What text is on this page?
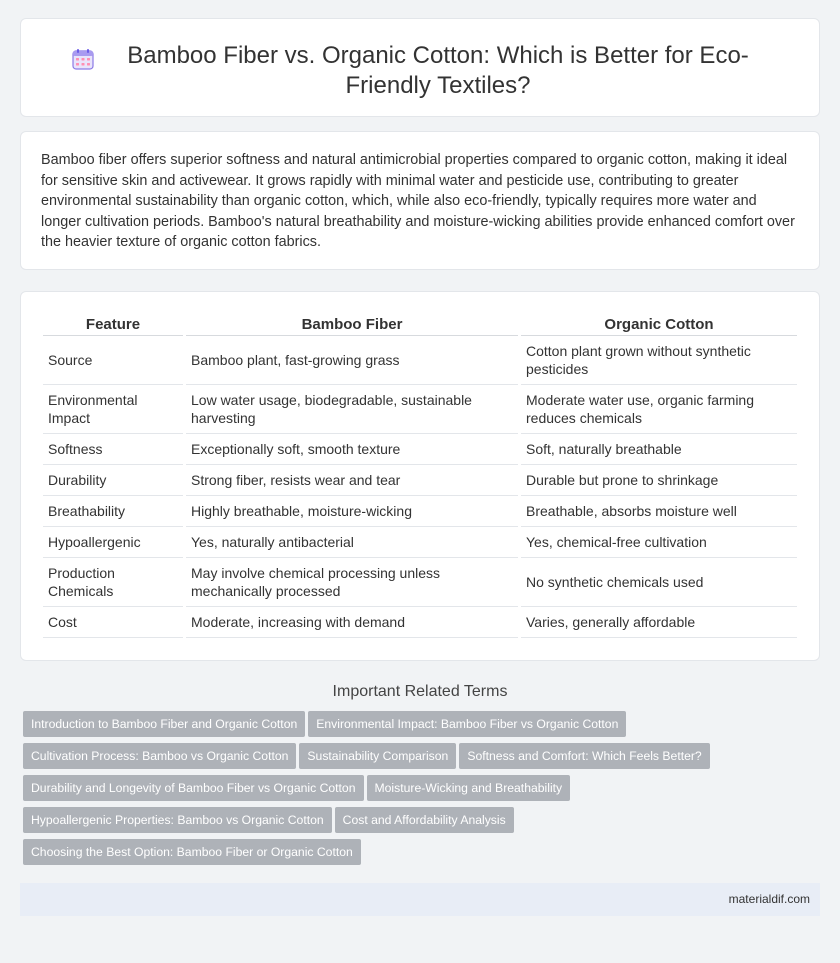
Bamboo Fiber vs. Organic Cotton: Which is Better for Eco-Friendly Textiles?

Bamboo fiber offers superior softness and natural antimicrobial properties compared to organic cotton, making it ideal for sensitive skin and activewear. It grows rapidly with minimal water and pesticide use, contributing to greater environmental sustainability than organic cotton, which, while also eco-friendly, typically requires more water and longer cultivation periods. Bamboo's natural breathability and moisture-wicking abilities provide enhanced comfort over the heavier texture of organic cotton fabrics.

Feature	Bamboo Fiber	Organic Cotton
Source	Bamboo plant, fast-growing grass	Cotton plant grown without synthetic pesticides
Environmental Impact	Low water usage, biodegradable, sustainable harvesting	Moderate water use, organic farming reduces chemicals
Softness	Exceptionally soft, smooth texture	Soft, naturally breathable
Durability	Strong fiber, resists wear and tear	Durable but prone to shrinkage
Breathability	Highly breathable, moisture-wicking	Breathable, absorbs moisture well
Hypoallergenic	Yes, naturally antibacterial	Yes, chemical-free cultivation
Production Chemicals	May involve chemical processing unless mechanically processed	No synthetic chemicals used
Cost	Moderate, increasing with demand	Varies, generally affordable
Important Related Terms
Introduction to Bamboo Fiber and Organic Cotton Environmental Impact: Bamboo Fiber vs Organic Cotton
Cultivation Process: Bamboo vs Organic Cotton Sustainability Comparison Softness and Comfort: Which Feels Better?
Durability and Longevity of Bamboo Fiber vs Organic Cotton Moisture-Wicking and Breathability
Hypoallergenic Properties: Bamboo vs Organic Cotton Cost and Affordability Analysis
Choosing the Best Option: Bamboo Fiber or Organic Cotton
materialdif.com
